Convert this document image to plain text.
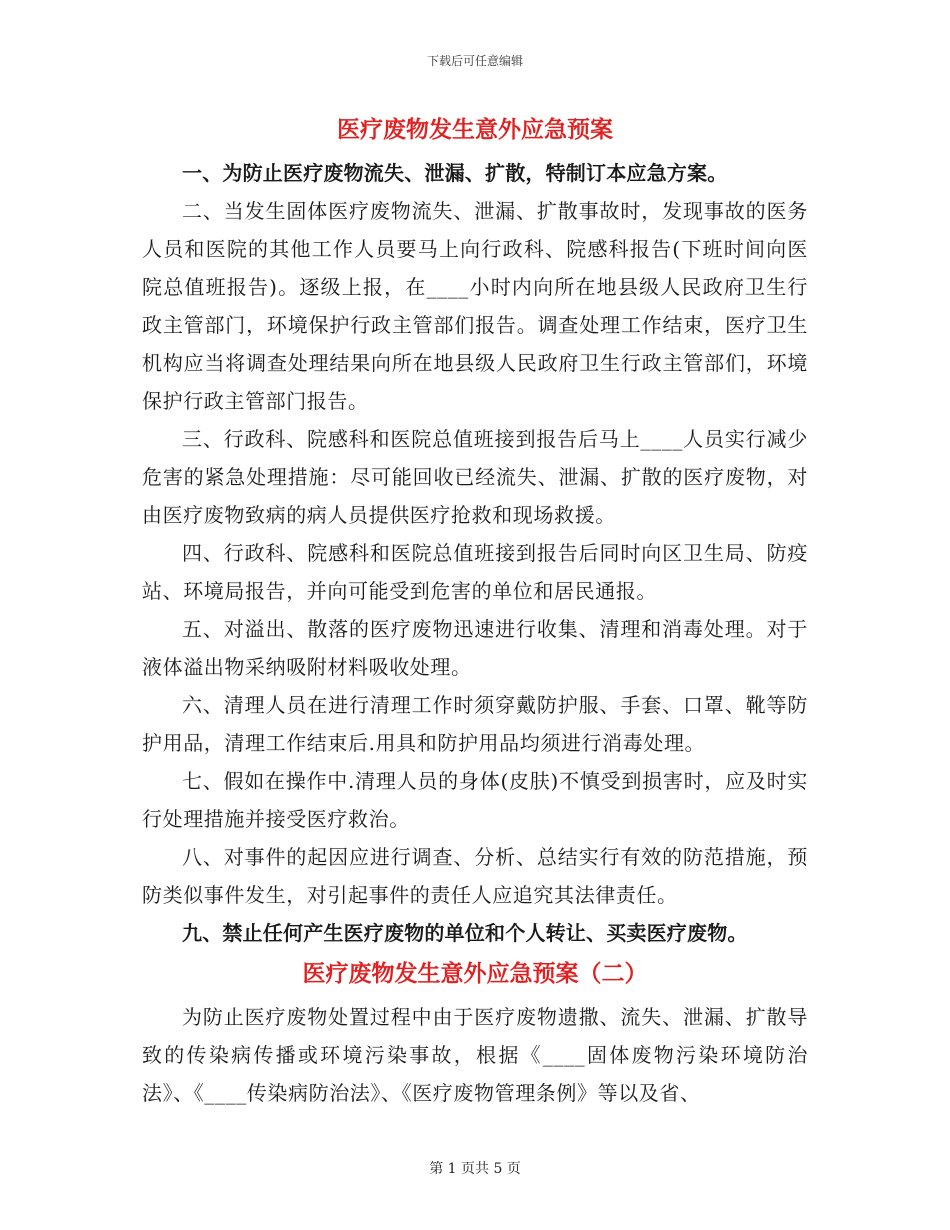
下载后可任意编辑
医疗废物发生意外应急预案

一、为防止医疗废物流失、泄漏、扩散，特制订本应急方案。

二、当发生固体医疗废物流失、泄漏、扩散事故时，发现事故的医务人员和医院的其他工作人员要马上向行政科、院感科报告(下班时间向医院总值班报告)。逐级上报，在____小时内向所在地县级人民政府卫生行政主管部门，环境保护行政主管部们报告。调查处理工作结束，医疗卫生机构应当将调查处理结果向所在地县级人民政府卫生行政主管部们，环境保护行政主管部门报告。

三、行政科、院感科和医院总值班接到报告后马上____人员实行减少危害的紧急处理措施：尽可能回收已经流失、泄漏、扩散的医疗废物，对由医疗废物致病的病人员提供医疗抢救和现场救援。

四、行政科、院感科和医院总值班接到报告后同时向区卫生局、防疫站、环境局报告，并向可能受到危害的单位和居民通报。

五、对溢出、散落的医疗废物迅速进行收集、清理和消毒处理。对于液体溢出物采纳吸附材料吸收处理。

六、清理人员在进行清理工作时须穿戴防护服、手套、口罩、靴等防护用品，清理工作结束后.用具和防护用品均须进行消毒处理。

七、假如在操作中.清理人员的身体(皮肤)不慎受到损害时，应及时实行处理措施并接受医疗救治。

八、对事件的起因应进行调查、分析、总结实行有效的防范措施，预防类似事件发生，对引起事件的责任人应追究其法律责任。

九、禁止任何产生医疗废物的单位和个人转让、买卖医疗废物。

医疗废物发生意外应急预案（二）

为防止医疗废物处置过程中由于医疗废物遗撒、流失、泄漏、扩散导致的传染病传播或环境污染事故，根据《____固体废物污染环境防治法》、《____传染病防治法》、《医疗废物管理条例》等以及省、

第 1 页共 5 页
